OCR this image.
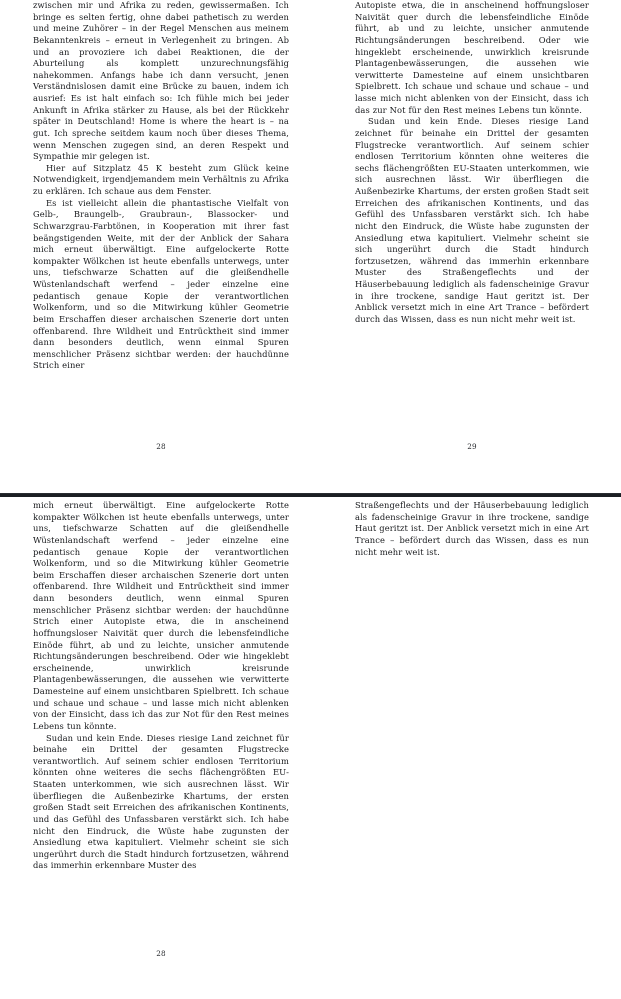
zwischen mir und Afrika zu reden, gewissermaßen. Ich bringe es selten fertig, ohne dabei pathetisch zu werden und meine Zuhörer – in der Regel Menschen aus meinem Bekanntenkreis – erneut in Verlegenheit zu bringen. Ab und an provoziere ich dabei Reaktionen, die der Aburteilung als komplett unzurechnungsfähig nahekommen. Anfangs habe ich dann versucht, jenen Verständnislosen damit eine Brücke zu bauen, indem ich ausrief: Es ist halt einfach so: Ich fühle mich bei jeder Ankunft in Afrika stärker zu Hause, als bei der Rückkehr später in Deutschland! Home is where the heart is – na gut. Ich spreche seitdem kaum noch über dieses Thema, wenn Menschen zugegen sind, an deren Respekt und Sympathie mir gelegen ist.

Hier auf Sitzplatz 45 K besteht zum Glück keine Notwendigkeit, irgendjemandem mein Verhältnis zu Afrika zu erklären. Ich schaue aus dem Fenster.

Es ist vielleicht allein die phantastische Vielfalt von Gelb-, Braungelb-, Graubraun-, Blassocker- und Schwarzgrau-Farbtönen, in Kooperation mit ihrer fast beängstigenden Weite, mit der der Anblick der Sahara mich erneut überwältigt. Eine aufgelockerte Rotte kompakter Wölkchen ist heute ebenfalls unterwegs, unter uns, tiefschwarze Schatten auf die gleißendhelle Wüstenlandschaft werfend – jeder einzelne eine pedantisch genaue Kopie der verantwortlichen Wolkenform, und so die Mitwirkung kühler Geometrie beim Erschaffen dieser archaischen Szenerie dort unten offenbarend. Ihre Wildheit und Entrücktheit sind immer dann besonders deutlich, wenn einmal Spuren menschlicher Präsenz sichtbar werden: der hauchdünne Strich einer

Autopiste etwa, die in anscheinend hoffnungsloser Naivität quer durch die lebensfeindliche Einöde führt, ab und zu leichte, unsicher anmutende Richtungsänderungen beschreibend. Oder wie hingeklebt erscheinende, unwirklich kreisrunde Plantagenbewässerungen, die aussehen wie verwitterte Damesteine auf einem unsichtbaren Spielbrett. Ich schaue und schaue und schaue – und lasse mich nicht ablenken von der Einsicht, dass ich das zur Not für den Rest meines Lebens tun könnte.

Sudan und kein Ende. Dieses riesige Land zeichnet für beinahe ein Drittel der gesamten Flugstrecke verantwortlich. Auf seinem schier endlosen Territorium könnten ohne weiteres die sechs flächengrößten EU-Staaten unterkommen, wie sich ausrechnen lässt. Wir überfliegen die Außenbezirke Khartums, der ersten großen Stadt seit Erreichen des afrikanischen Kontinents, und das Gefühl des Unfassbaren verstärkt sich. Ich habe nicht den Eindruck, die Wüste habe zugunsten der Ansiedlung etwa kapituliert. Vielmehr scheint sie sich ungerührt durch die Stadt hindurch fortzusetzen, während das immerhin erkennbare Muster des Straßengeflechts und der Häuserbebauung lediglich als fadenscheinige Gravur in ihre trockene, sandige Haut geritzt ist. Der Anblick versetzt mich in eine Art Trance – befördert durch das Wissen, dass es nun nicht mehr weit ist.

28	29

mich erneut überwältigt. Eine aufgelockerte Rotte kompakter Wölkchen ist heute ebenfalls unterwegs, unter uns, tiefschwarze Schatten auf die gleißendhelle Wüstenlandschaft werfend – jeder einzelne eine pedantisch genaue Kopie der verantwortlichen Wolkenform, und so die Mitwirkung kühler Geometrie beim Erschaffen dieser archaischen Szenerie dort unten offenbarend. Ihre Wildheit und Entrücktheit sind immer dann besonders deutlich, wenn einmal Spuren menschlicher Präsenz sichtbar werden: der hauchdünne Strich einer Autopiste etwa, die in anscheinend hoffnungsloser Naivität quer durch die lebensfeindliche Einöde führt, ab und zu leichte, unsicher anmutende Richtungsänderungen beschreibend. Oder wie hingeklebt erscheinende, unwirklich kreisrunde Plantagenbewässerungen, die aussehen wie verwitterte Damesteine auf einem unsichtbaren Spielbrett. Ich schaue und schaue und schaue – und lasse mich nicht ablenken von der Einsicht, dass ich das zur Not für den Rest meines Lebens tun könnte.

Sudan und kein Ende. Dieses riesige Land zeichnet für beinahe ein Drittel der gesamten Flugstrecke verantwortlich. Auf seinem schier endlosen Territorium könnten ohne weiteres die sechs flächengrößten EU-Staaten unterkommen, wie sich ausrechnen lässt. Wir überfliegen die Außenbezirke Khartums, der ersten großen Stadt seit Erreichen des afrikanischen Kontinents, und das Gefühl des Unfassbaren verstärkt sich. Ich habe nicht den Eindruck, die Wüste habe zugunsten der Ansiedlung etwa kapituliert. Vielmehr scheint sie sich ungerührt durch die Stadt hindurch fortzusetzen, während das immerhin erkennbare Muster des

Straßengeflechts und der Häuserbebauung lediglich als fadenscheinige Gravur in ihre trockene, sandige Haut geritzt ist. Der Anblick versetzt mich in eine Art Trance – befördert durch das Wissen, dass es nun nicht mehr weit ist.

28
